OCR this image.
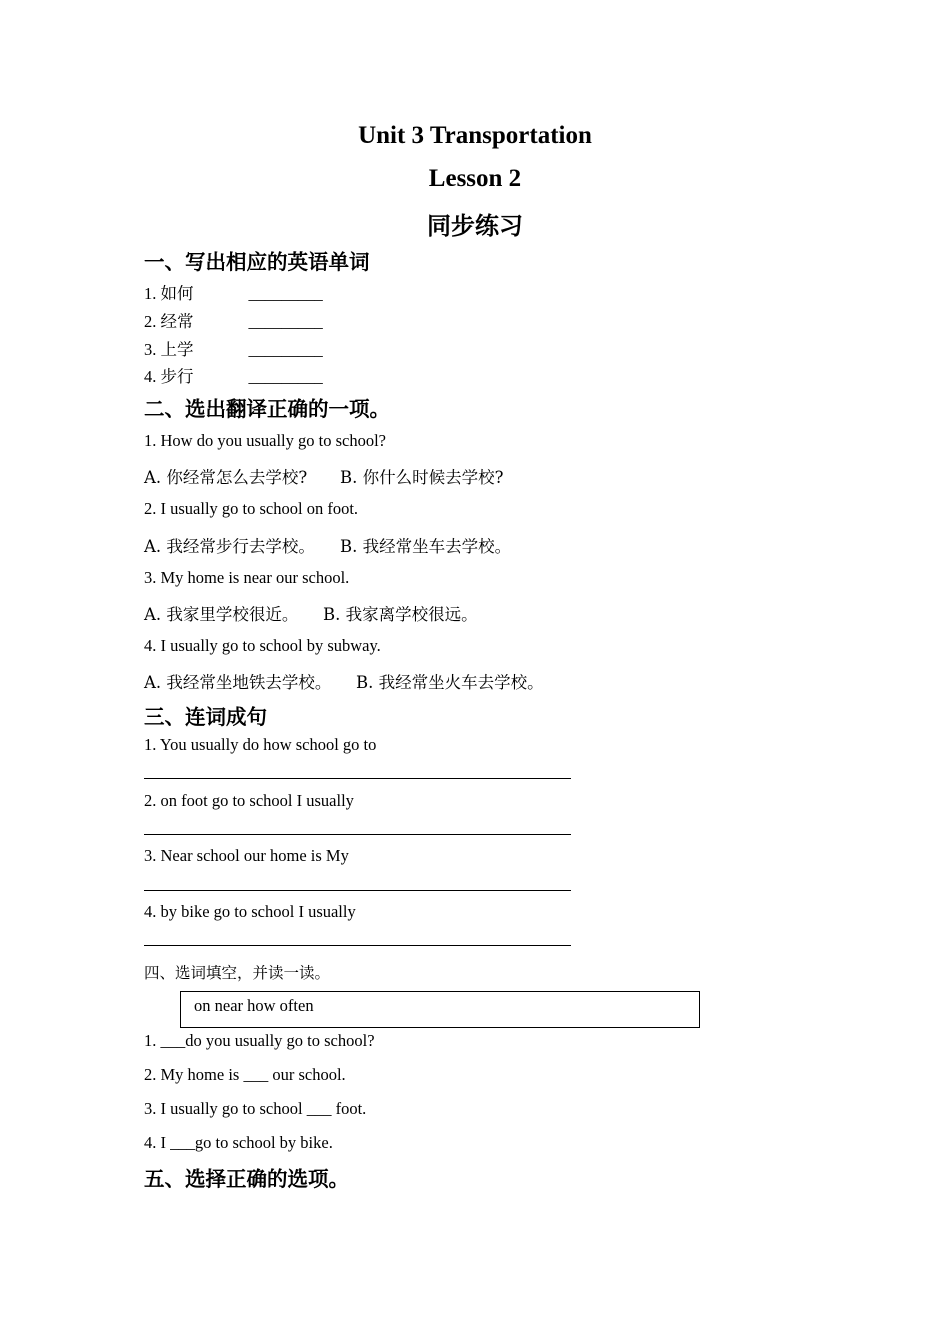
Unit 3 Transportation
Lesson 2
同步练习
一、写出相应的英语单词
1. 如何	_________
2. 经常	_________
3. 上学	_________
4. 步行	_________
二、选出翻译正确的一项。
1. How do you usually go to school?
A. 你经常怎么去学校? B. 你什么时候去学校?
2. I usually go to school on foot.
A. 我经常步行去学校。 B. 我经常坐车去学校。
3. My home is near our school.
A. 我家里学校很近。 B. 我家离学校很远。
4. I usually go to school by subway.
A. 我经常坐地铁去学校。 B. 我经常坐火车去学校。
三、连词成句
1. You usually do how school go to
2. on foot go to school I usually
3. Near school our home is My
4. by bike go to school I usually
四、选词填空，并读一读。
on near how often
1. ___do you usually go to school?
2. My home is ___ our school.
3. I usually go to school ___ foot.
4. I ___go to school by bike.
五、选择正确的选项。
